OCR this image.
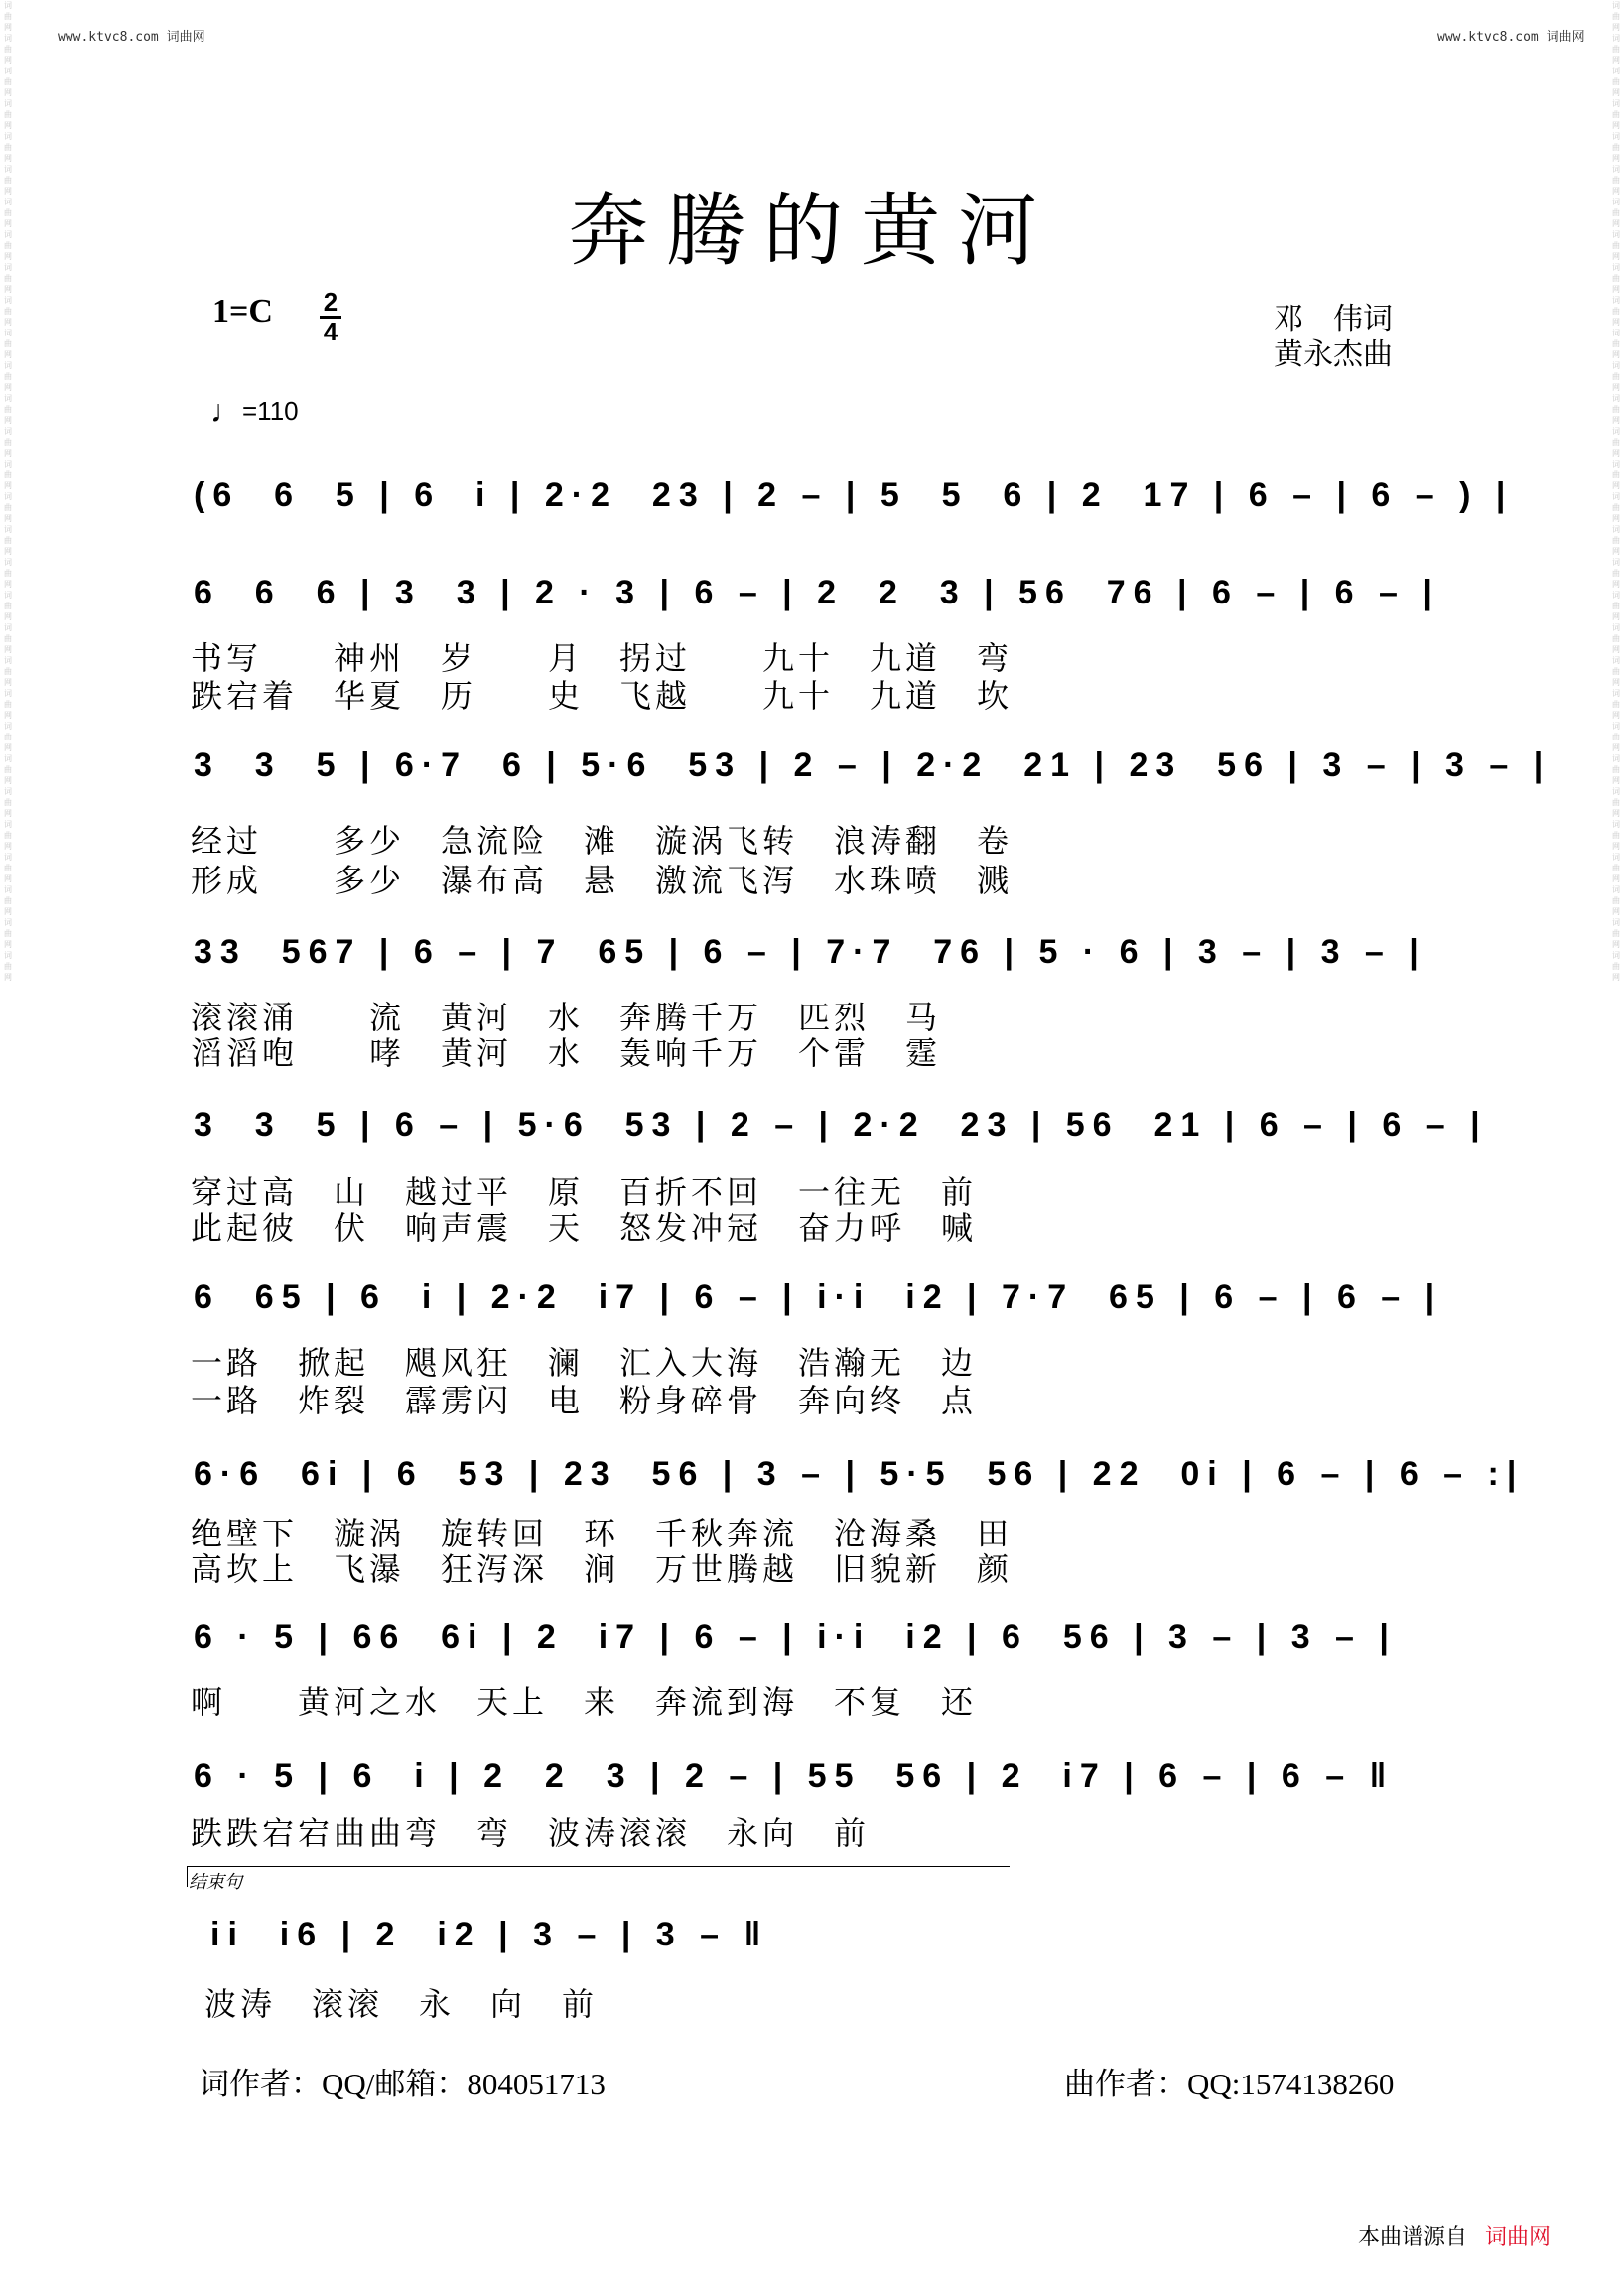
词曲网 词曲网 词曲网 词曲网 词曲网 词曲网 词曲网 词曲网 词曲网 词曲网 词曲网 词曲网 词曲网 词曲网 词曲网 词曲网 词曲网 词曲网 词曲网 词曲网 词曲网 词曲网 词曲网 词曲网 词曲网 词曲网 词曲网 词曲网 词曲网 词曲网
词曲网 词曲网 词曲网 词曲网 词曲网 词曲网 词曲网 词曲网 词曲网 词曲网 词曲网 词曲网 词曲网 词曲网 词曲网 词曲网 词曲网 词曲网 词曲网 词曲网 词曲网 词曲网 词曲网 词曲网 词曲网 词曲网 词曲网 词曲网 词曲网 词曲网
www.ktvc8.com 词曲网	www.ktvc8.com 词曲网
奔腾的黄河
1=C 2
4
♩=110
邓　伟词
黄永杰曲
(6  6  5 | 6  i | 2·2  23 | 2 – | 5  5  6 | 2  17 | 6 – | 6 – ) |
6  6  6 | 3  3 | 2 · 3 | 6 – | 2  2  3 | 56  76 | 6 – | 6 – |
书写　　神州　岁　　月　拐过　　九十　九道　弯
跌宕着　华夏　历　　史　飞越　　九十　九道　坎
3  3  5 | 6·7  6 | 5·6  53 | 2 – | 2·2  21 | 23  56 | 3 – | 3 – |
经过　　多少　急流险　滩　漩涡飞转　浪涛翻　卷
形成　　多少　瀑布高　悬　激流飞泻　水珠喷　溅
33  567 | 6 – | 7  65 | 6 – | 7·7  76 | 5 · 6 | 3 – | 3 – |
滚滚涌　　流　黄河　水　奔腾千万　匹烈　马
滔滔咆　　哮　黄河　水　轰响千万　个雷　霆
3  3  5 | 6 – | 5·6  53 | 2 – | 2·2  23 | 56  21 | 6 – | 6 – |
穿过高　山　越过平　原　百折不回　一往无　前
此起彼　伏　响声震　天　怒发冲冠　奋力呼　喊
6  65 | 6  i | 2·2  i7 | 6 – | i·i  i2 | 7·7  65 | 6 – | 6 – |
一路　掀起　飓风狂　澜　汇入大海　浩瀚无　边
一路　炸裂　霹雳闪　电　粉身碎骨　奔向终　点
6·6  6i | 6  53 | 23  56 | 3 – | 5·5  56 | 22  0i | 6 – | 6 – :|
绝壁下　漩涡　旋转回　环　千秋奔流　沧海桑　田
高坎上　飞瀑　狂泻深　涧　万世腾越　旧貌新　颜
6 · 5 | 66  6i | 2  i7 | 6 – | i·i  i2 | 6  56 | 3 – | 3 – |
啊　　黄河之水　天上　来　奔流到海　不复　还
6 · 5 | 6  i | 2  2  3 | 2 – | 55  56 | 2  i7 | 6 – | 6 – ‖
跌跌宕宕曲曲弯　弯　波涛滚滚　永向　前
结束句
ii  i6 | 2  i2 | 3 – | 3 – ‖
波涛　滚滚　永　向　前
词作者：QQ/邮箱：804051713	曲作者：QQ:1574138260
本曲谱源自 词曲网
